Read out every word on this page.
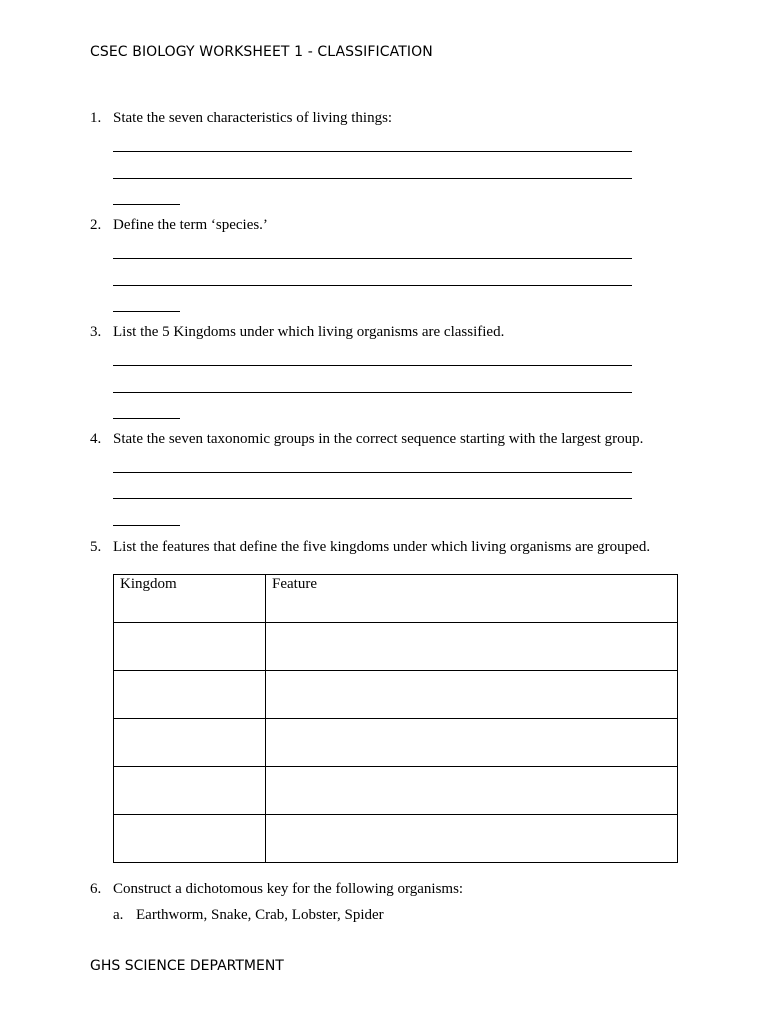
CSEC BIOLOGY WORKSHEET 1 - CLASSIFICATION
1. State the seven characteristics of living things:
2. Define the term ‘species.’
3. List the 5 Kingdoms under which living organisms are classified.
4. State the seven taxonomic groups in the correct sequence starting with the largest group.
5. List the features that define the five kingdoms under which living organisms are grouped.
Kingdom	Feature

6. Construct a dichotomous key for the following organisms:
a. Earthworm, Snake, Crab, Lobster, Spider
GHS SCIENCE DEPARTMENT
